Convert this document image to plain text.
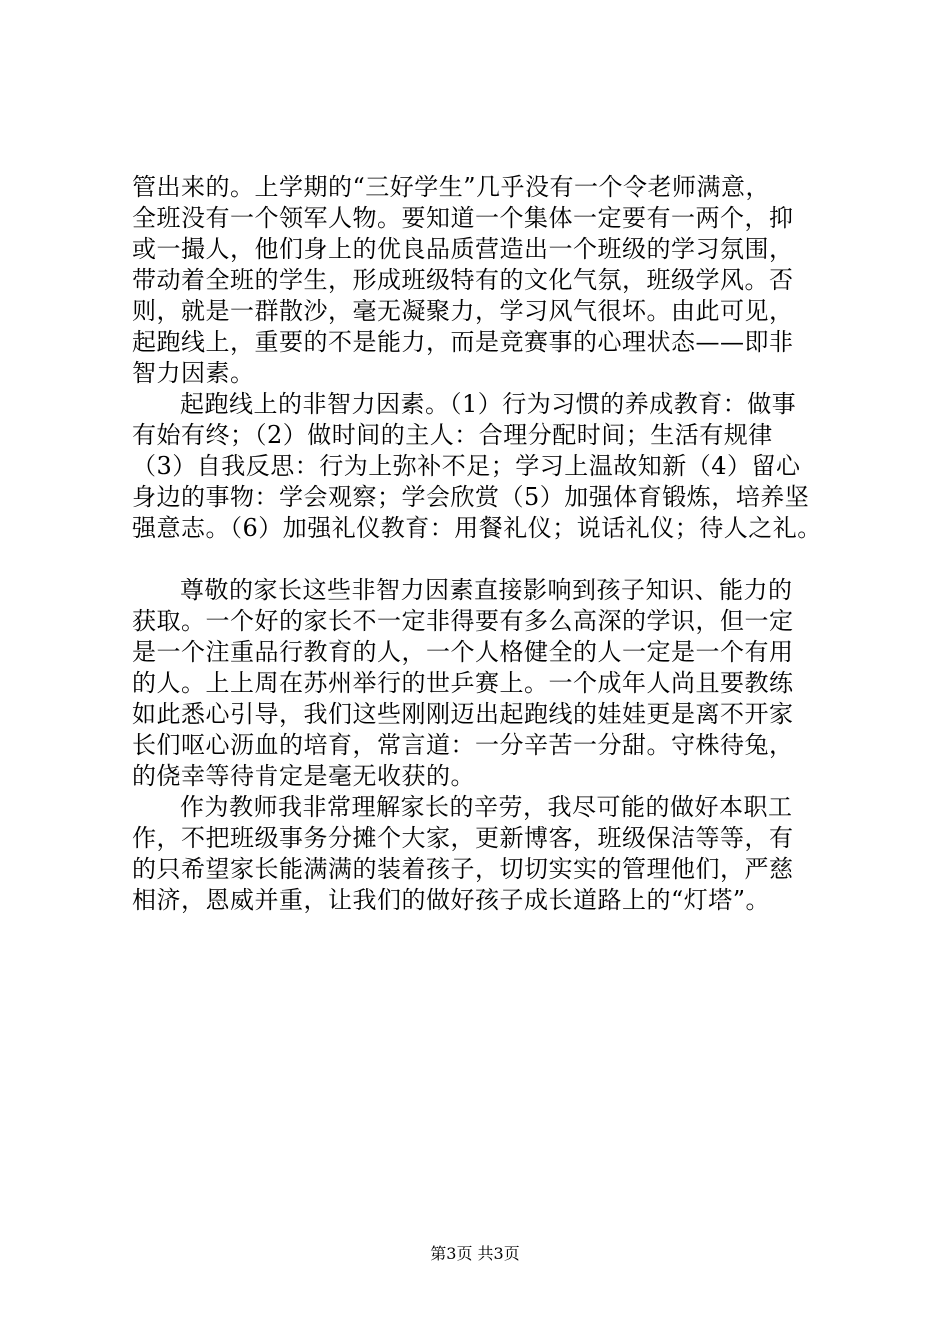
管出来的。上学期的“三好学生”几乎没有一个令老师满意，
全班没有一个领军人物。要知道一个集体一定要有一两个，抑
或一撮人，他们身上的优良品质营造出一个班级的学习氛围，
带动着全班的学生，形成班级特有的文化气氛，班级学风。否
则，就是一群散沙，毫无凝聚力，学习风气很坏。由此可见，
起跑线上，重要的不是能力，而是竞赛事的心理状态——即非
智力因素。
起跑线上的非智力因素。（1）行为习惯的养成教育：做事
有始有终；（2）做时间的主人：合理分配时间；生活有规律
（3）自我反思：行为上弥补不足；学习上温故知新（4）留心
身边的事物：学会观察；学会欣赏（5）加强体育锻炼，培养坚
强意志。（6）加强礼仪教育：用餐礼仪；说话礼仪；待人之礼。
尊敬的家长这些非智力因素直接影响到孩子知识、能力的
获取。一个好的家长不一定非得要有多么高深的学识，但一定
是一个注重品行教育的人，一个人格健全的人一定是一个有用
的人。上上周在苏州举行的世乒赛上。一个成年人尚且要教练
如此悉心引导，我们这些刚刚迈出起跑线的娃娃更是离不开家
长们呕心沥血的培育，常言道：一分辛苦一分甜。守株待兔，
的侥幸等待肯定是毫无收获的。
作为教师我非常理解家长的辛劳，我尽可能的做好本职工
作，不把班级事务分摊个大家，更新博客，班级保洁等等，有
的只希望家长能满满的装着孩子，切切实实的管理他们，严慈
相济，恩威并重，让我们的做好孩子成长道路上的“灯塔”。
第3页 共3页
